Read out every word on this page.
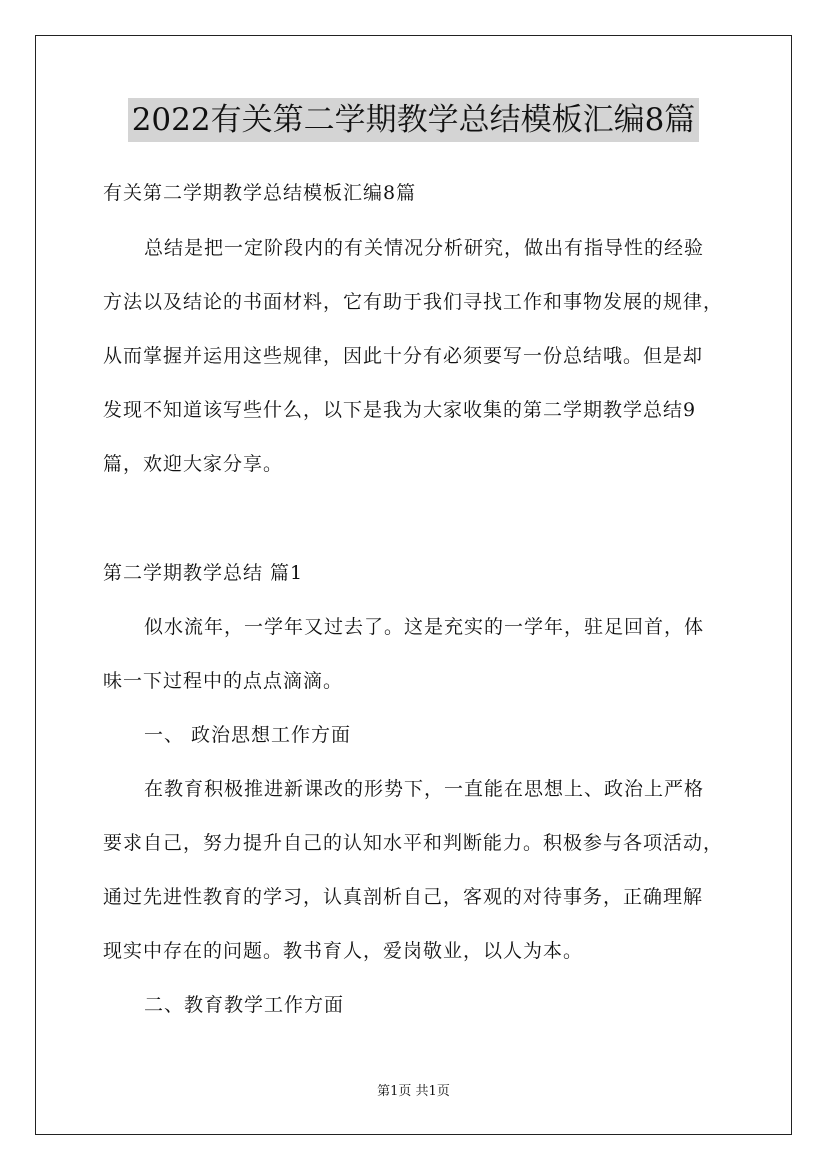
2022有关第二学期教学总结模板汇编8篇
有关第二学期教学总结模板汇编8篇
总结是把一定阶段内的有关情况分析研究，做出有指导性的经验
方法以及结论的书面材料，它有助于我们寻找工作和事物发展的规律，
从而掌握并运用这些规律，因此十分有必须要写一份总结哦。但是却
发现不知道该写些什么，以下是我为大家收集的第二学期教学总结9
篇，欢迎大家分享。
第二学期教学总结 篇1
似水流年，一学年又过去了。这是充实的一学年，驻足回首，体
味一下过程中的点点滴滴。
一、 政治思想工作方面
在教育积极推进新课改的形势下，一直能在思想上、政治上严格
要求自己，努力提升自己的认知水平和判断能力。积极参与各项活动，
通过先进性教育的学习，认真剖析自己，客观的对待事务，正确理解
现实中存在的问题。教书育人，爱岗敬业，以人为本。
二、教育教学工作方面
第1页 共1页
